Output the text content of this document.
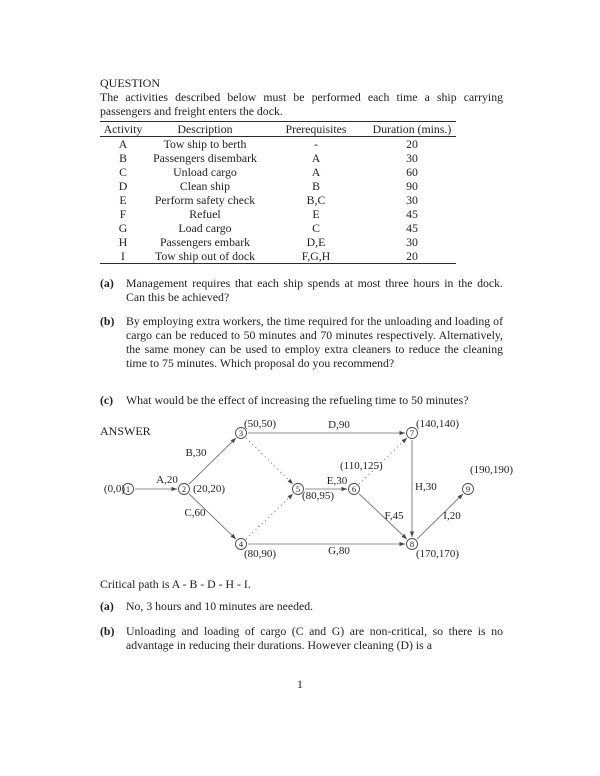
QUESTION
The activities described below must be performed each time a ship carrying passengers and freight enters the dock.
Activity	Description	Prerequisites	Duration (mins.)
A	Tow ship to berth	-	20
B	Passengers disembark	A	30
C	Unload cargo	A	60
D	Clean ship	B	90
E	Perform safety check	B,C	30
F	Refuel	E	45
G	Load cargo	C	45
H	Passengers embark	D,E	30
I	Tow ship out of dock	F,G,H	20
(a) Management requires that each ship spends at most three hours in the dock. Can this be achieved?
(b) By employing extra workers, the time required for the unloading and loading of cargo can be reduced to 50 minutes and 70 minutes respectively. Alternatively, the same money can be used to employ extra cleaners to reduce the cleaning time to 75 minutes. Which proposal do you recommend?
(c) What would be the effect of increasing the refueling time to 50 minutes?
ANSWER
A,20
B,30
C,60
D,90
E,30
G,80
F,45
H,30
I,20
1
(0,0)	2 (20,20)
3
(50,50)
4
(80,90)
5
(80,95)
6
(110,125)
7
(140,140)
8
(170,170)
9
(190,190)
Critical path is A - B - D - H - I.
(a) No, 3 hours and 10 minutes are needed.
(b) Unloading and loading of cargo (C and G) are non-critical, so there is no advantage in reducing their durations. However cleaning (D) is a
1
